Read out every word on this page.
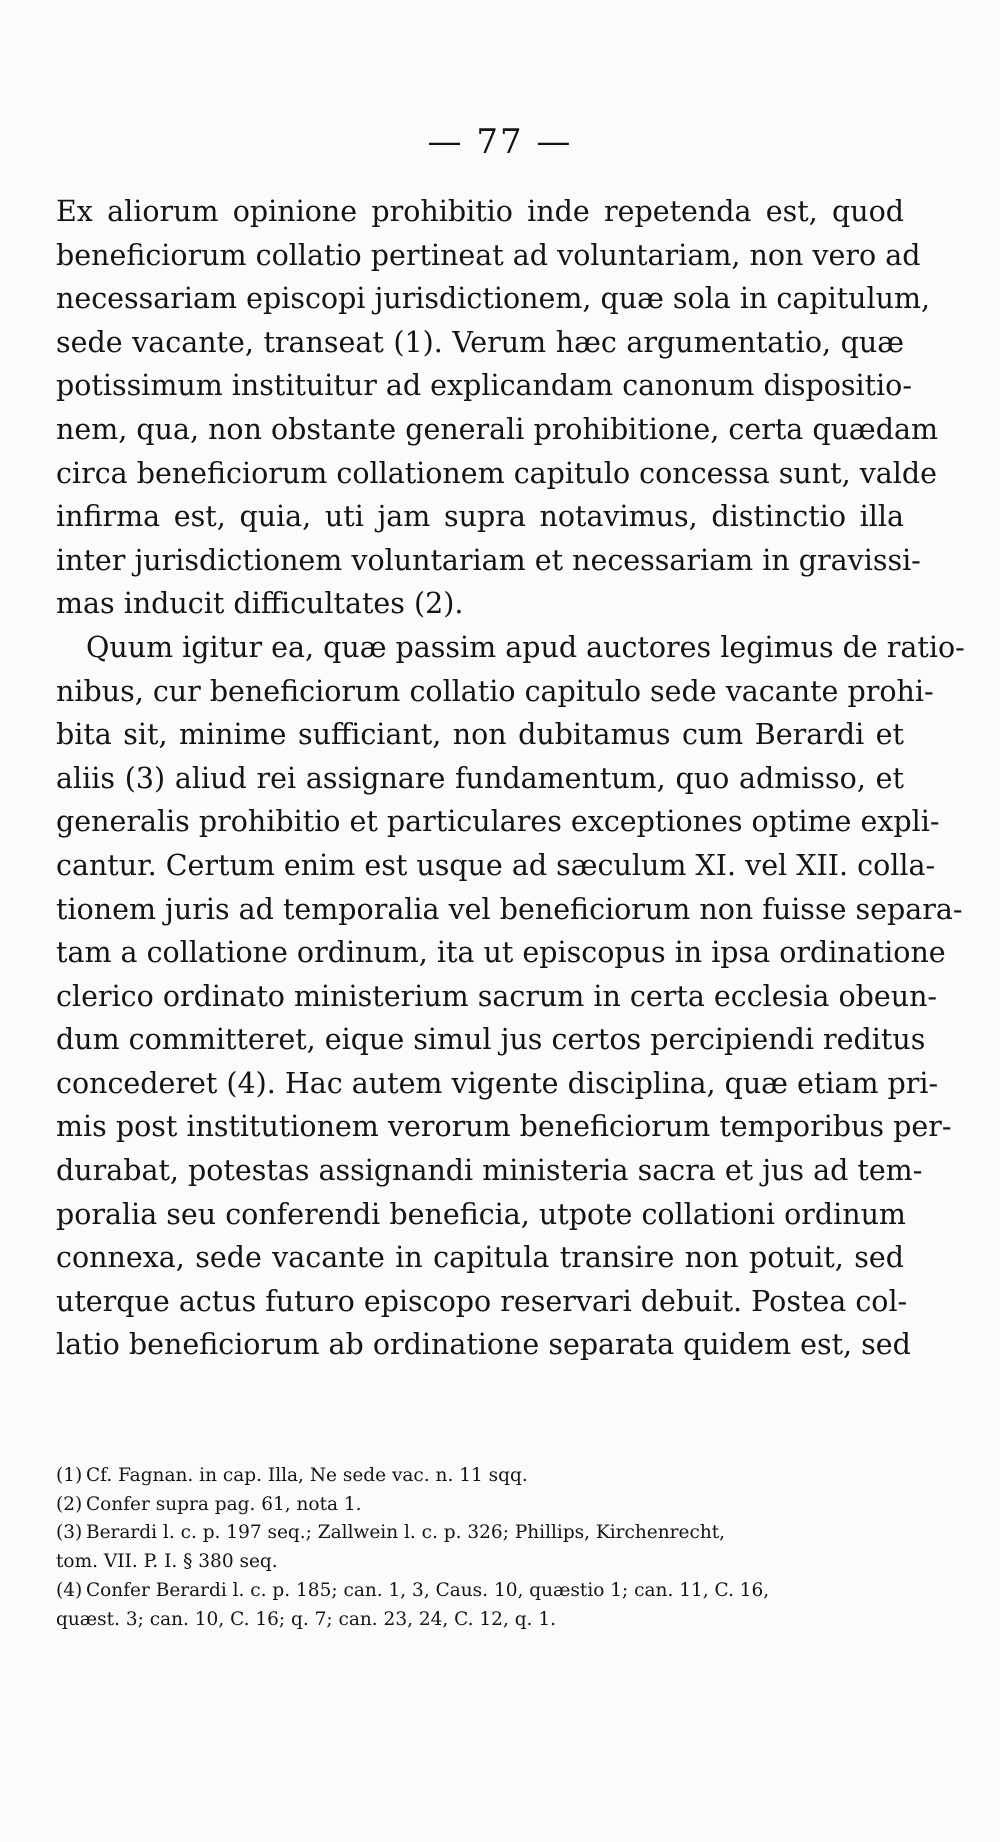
— 77 —
Ex aliorum opinione prohibitio inde repetenda est, quod
beneficiorum collatio pertineat ad voluntariam, non vero ad
necessariam episcopi jurisdictionem, quæ sola in capitulum,
sede vacante, transeat (1). Verum hæc argumentatio, quæ
potissimum instituitur ad explicandam canonum dispositio-
nem, qua, non obstante generali prohibitione, certa quædam
circa beneficiorum collationem capitulo concessa sunt, valde
infirma est, quia, uti jam supra notavimus, distinctio illa
inter jurisdictionem voluntariam et necessariam in gravissi-
mas inducit difficultates (2).
Quum igitur ea, quæ passim apud auctores legimus de ratio-
nibus, cur beneficiorum collatio capitulo sede vacante prohi-
bita sit, minime sufficiant, non dubitamus cum Berardi et
aliis (3) aliud rei assignare fundamentum, quo admisso, et
generalis prohibitio et particulares exceptiones optime expli-
cantur. Certum enim est usque ad sæculum XI. vel XII. colla-
tionem juris ad temporalia vel beneficiorum non fuisse separa-
tam a collatione ordinum, ita ut episcopus in ipsa ordinatione
clerico ordinato ministerium sacrum in certa ecclesia obeun-
dum committeret, eique simul jus certos percipiendi reditus
concederet (4). Hac autem vigente disciplina, quæ etiam pri-
mis post institutionem verorum beneficiorum temporibus per-
durabat, potestas assignandi ministeria sacra et jus ad tem-
poralia seu conferendi beneficia, utpote collationi ordinum
connexa, sede vacante in capitula transire non potuit, sed
uterque actus futuro episcopo reservari debuit. Postea col-
latio beneficiorum ab ordinatione separata quidem est, sed
(1) Cf. Fagnan. in cap. Illa, Ne sede vac. n. 11 sqq.
(2) Confer supra pag. 61, nota 1.
(3) Berardi l. c. p. 197 seq.; Zallwein l. c. p. 326; Phillips, Kirchenrecht,
tom. VII. P. I. § 380 seq.
(4) Confer Berardi l. c. p. 185; can. 1, 3, Caus. 10, quæstio 1; can. 11, C. 16,
quæst. 3; can. 10, C. 16; q. 7; can. 23, 24, C. 12, q. 1.
